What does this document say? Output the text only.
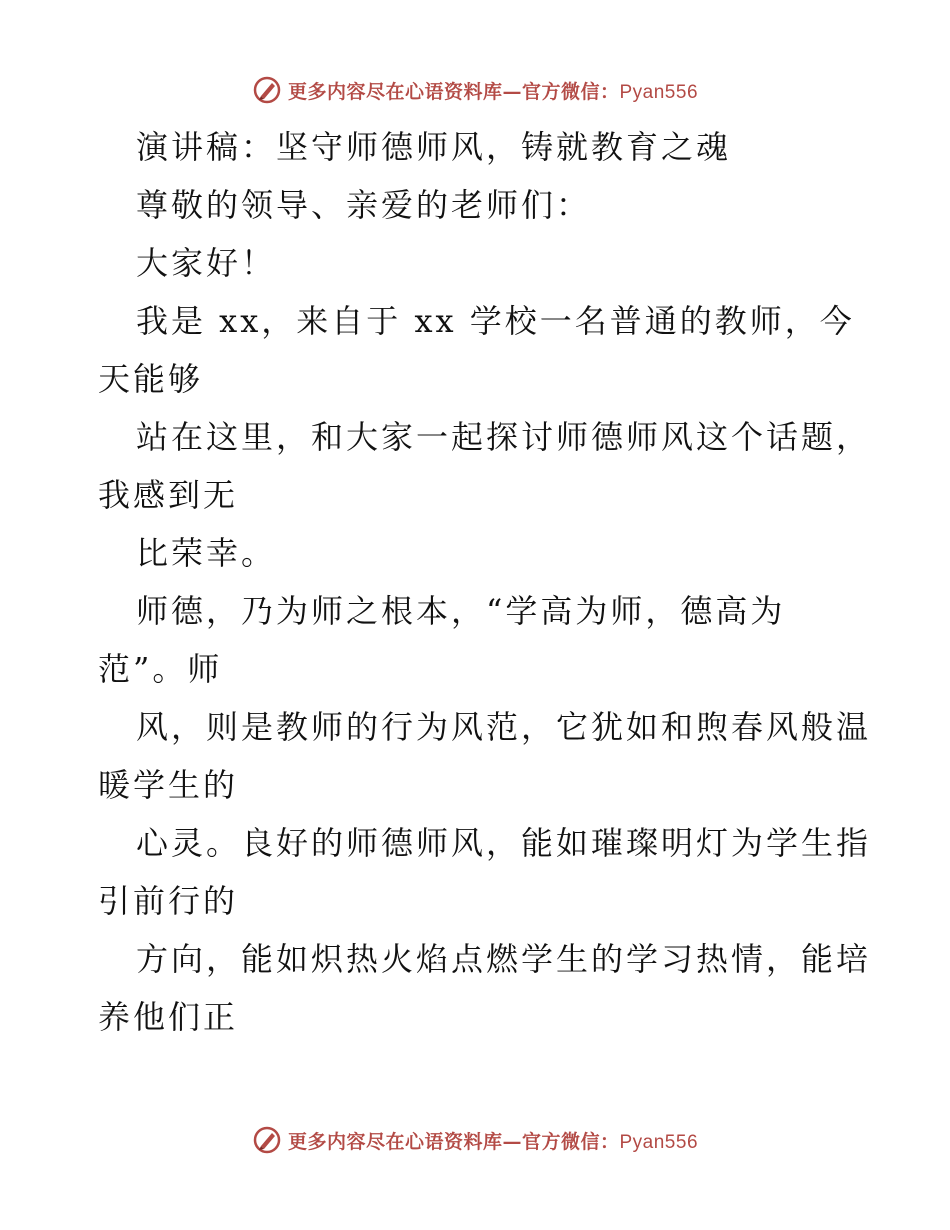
更多内容尽在心语资料库—官方微信：Pyan556
演讲稿：坚守师德师风，铸就教育之魂
尊敬的领导、亲爱的老师们：
大家好！
我是 xx，来自于 xx 学校一名普通的教师，今
天能够
站在这里，和大家一起探讨师德师风这个话题，
我感到无
比荣幸。
师德，乃为师之根本，“学高为师，德高为
范”。师
风，则是教师的行为风范，它犹如和煦春风般温
暖学生的
心灵。良好的师德师风，能如璀璨明灯为学生指
引前行的
方向，能如炽热火焰点燃学生的学习热情，能培
养他们正
更多内容尽在心语资料库—官方微信：Pyan556
